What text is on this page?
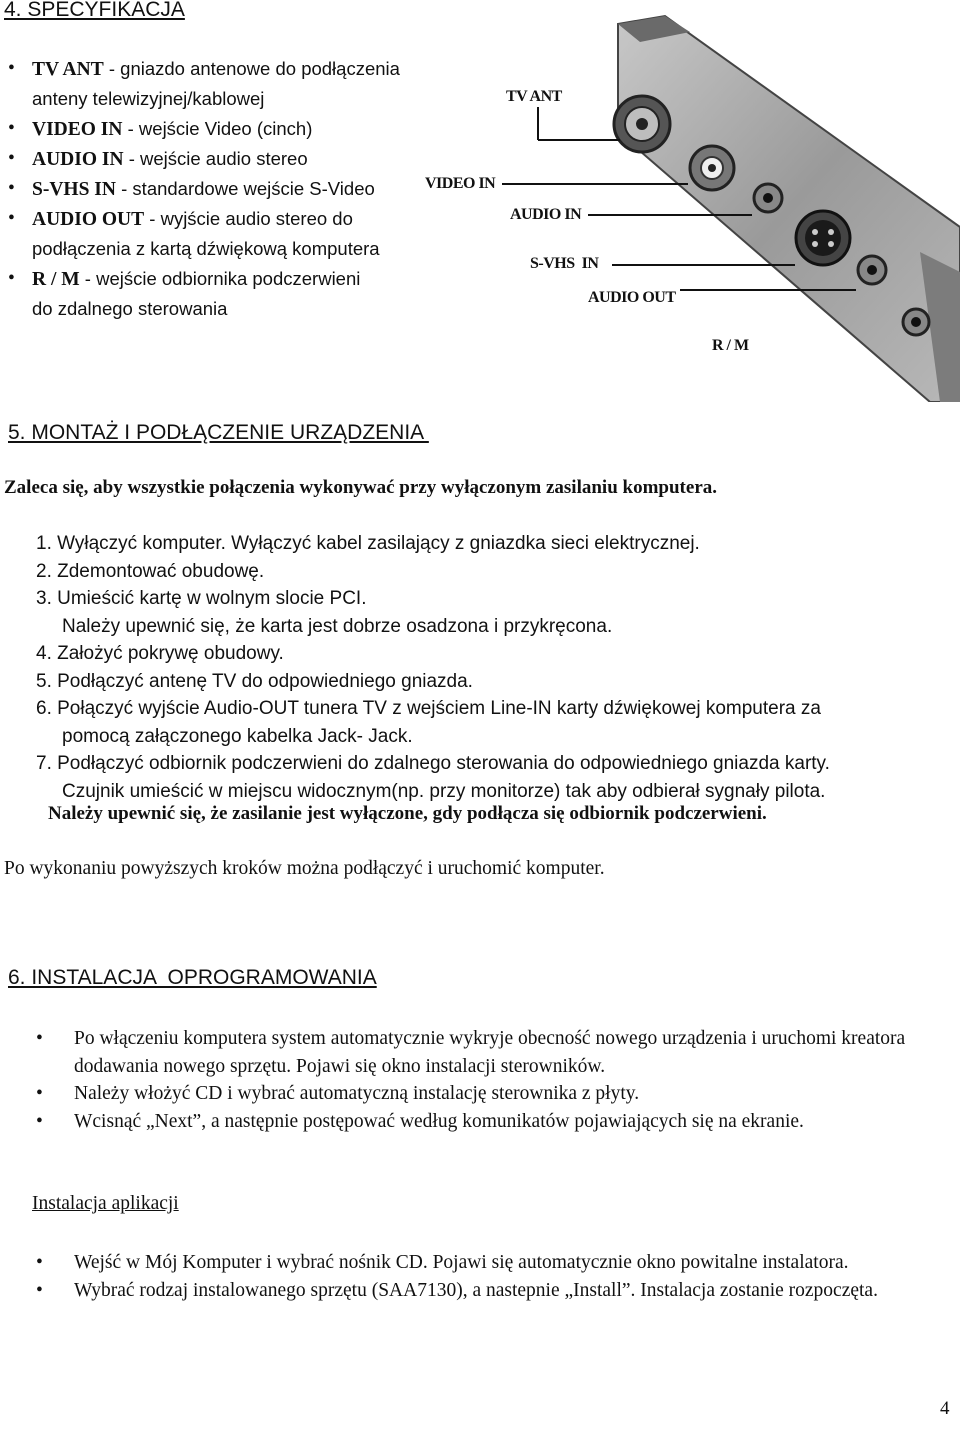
4. SPECYFIKACJA
• TV ANT - gniazdo antenowe do podłączenia
anteny telewizyjnej/kablowej
• VIDEO IN - wejście Video (cinch)
• AUDIO IN - wejście audio stereo
• S-VHS IN - standardowe wejście S-Video
• AUDIO OUT - wyjście audio stereo do
podłączenia z kartą dźwiękową komputera
• R / M - wejście odbiornika podczerwieni
do zdalnego sterowania
TV ANT
VIDEO IN
AUDIO IN
S-VHS  IN
AUDIO OUT
R / M
5. MONTAŻ I PODŁĄCZENIE URZĄDZENIA
Zaleca się, aby wszystkie połączenia wykonywać przy wyłączonym zasilaniu komputera.
1. Wyłączyć komputer. Wyłączyć kabel zasilający z gniazdka sieci elektrycznej.
2. Zdemontować obudowę.
3. Umieścić kartę w wolnym slocie PCI.
Należy upewnić się, że karta jest dobrze osadzona i przykręcona.
4. Założyć pokrywę obudowy.
5. Podłączyć antenę TV do odpowiedniego gniazda.
6. Połączyć wyjście Audio-OUT tunera TV z wejściem Line-IN karty dźwiękowej komputera za
pomocą załączonego kabelka Jack- Jack.
7. Podłączyć odbiornik podczerwieni do zdalnego sterowania do odpowiedniego gniazda karty.
Czujnik umieścić w miejscu widocznym(np. przy monitorze) tak aby odbierał sygnały pilota.
Należy upewnić się, że zasilanie jest wyłączone, gdy podłącza się odbiornik podczerwieni.
Po wykonaniu powyższych kroków można podłączyć i uruchomić komputer.
6. INSTALACJA  OPROGRAMOWANIA
• Po włączeniu komputera system automatycznie wykryje obecność nowego urządzenia i uruchomi kreatora dodawania nowego sprzętu. Pojawi się okno instalacji sterowników.
• Należy włożyć CD i wybrać automatyczną instalację sterownika z płyty.
• Wcisnąć „Next”, a następnie postępować według komunikatów pojawiających się na ekranie.
Instalacja aplikacji
• Wejść w Mój Komputer i wybrać nośnik CD. Pojawi się automatycznie okno powitalne instalatora.
• Wybrać rodzaj instalowanego sprzętu (SAA7130), a nastepnie „Install”. Instalacja zostanie rozpoczęta.
4
